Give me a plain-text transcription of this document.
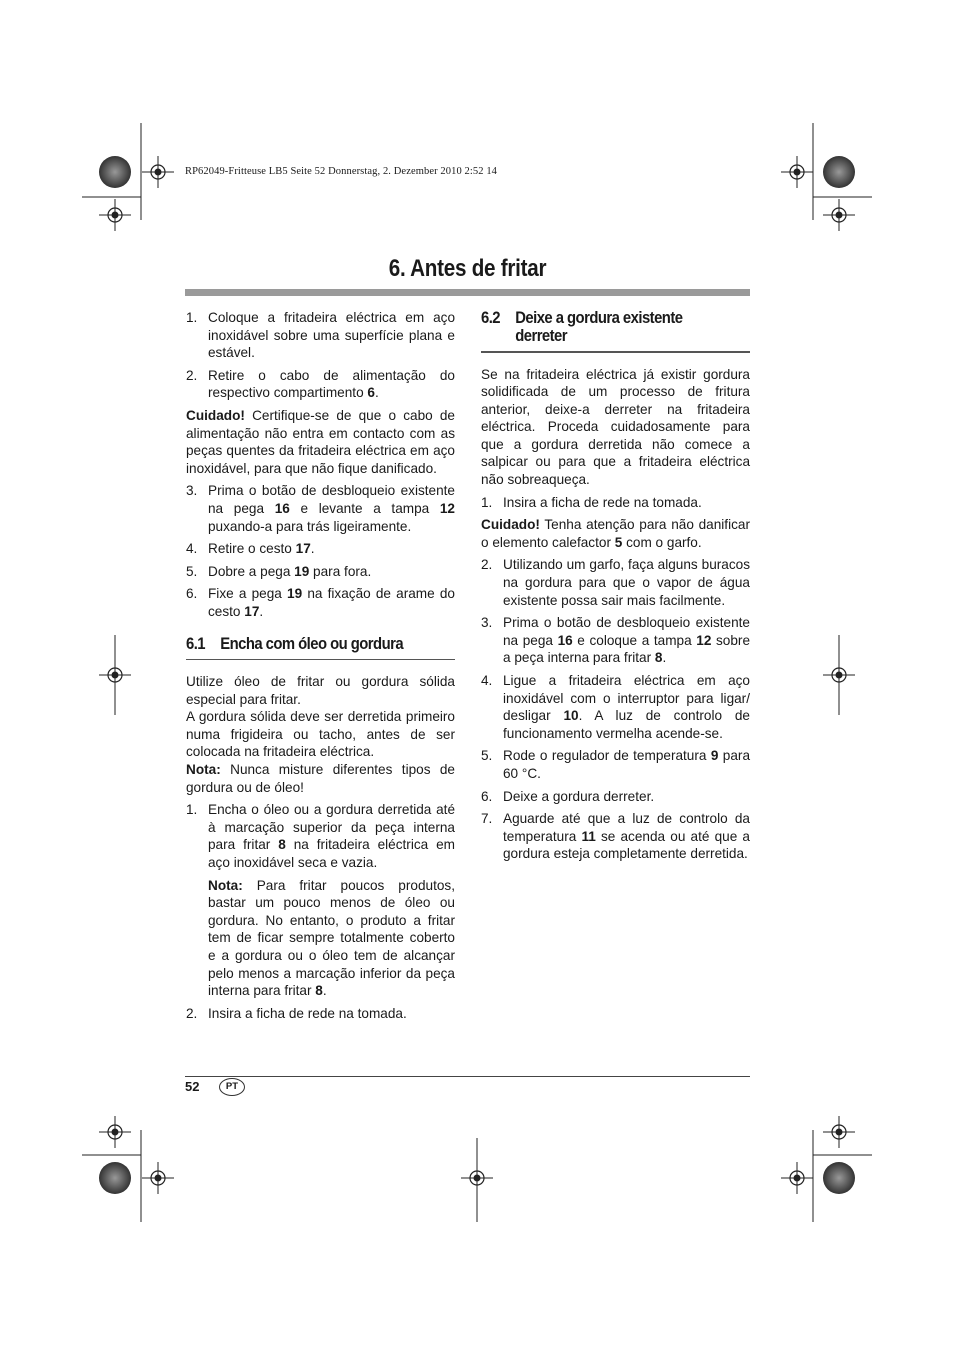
RP62049-Fritteuse LB5 Seite 52 Donnerstag, 2. Dezember 2010 2:52 14
6. Antes de fritar
1. Coloque a fritadeira eléctrica em aço inoxidável sobre uma superfície plana e estável.
2. Retire o cabo de alimentação do respectivo compartimento 6.

Cuidado! Certifique-se de que o cabo de alimentação não entra em contacto com as peças quentes da fritadeira eléctrica em aço inoxidável, para que não fique danificado.

3. Prima o botão de desbloqueio existente na pega 16 e levante a tampa 12 puxando-a para trás ligeiramente.
4. Retire o cesto 17.
5. Dobre a pega 19 para fora.
6. Fixe a pega 19 na fixação de arame do cesto 17.
6.1 Encha com óleo ou gordura

Utilize óleo de fritar ou gordura sólida especial para fritar.

A gordura sólida deve ser derretida primeiro numa frigideira ou tacho, antes de ser colocada na fritadeira eléctrica.

Nota: Nunca misture diferentes tipos de gordura ou de óleo!

1. Encha o óleo ou a gordura derretida até à marcação superior da peça interna para fritar 8 na fritadeira eléctrica em aço inoxidável seca e vazia.

Nota: Para fritar poucos produtos, bastar um pouco menos de óleo ou gordura. No entanto, o produto a fritar tem de ficar sempre totalmente coberto e a gordura ou o óleo tem de alcançar pelo menos a marcação inferior da peça interna para fritar 8.

2. Insira a ficha de rede na tomada.
6.2 Deixe a gordura existente
derreter

Se na fritadeira eléctrica já existir gordura solidificada de um processo de fritura anterior, deixe-a derreter na fritadeira eléctrica. Proceda cuidadosamente para que a gordura derretida não comece a salpicar ou para que a fritadeira eléctrica não sobreaqueça.

1. Insira a ficha de rede na tomada.

Cuidado! Tenha atenção para não danificar o elemento calefactor 5 com o garfo.

2. Utilizando um garfo, faça alguns buracos na gordura para que o vapor de água existente possa sair mais facilmente.
3. Prima o botão de desbloqueio existente na pega 16 e coloque a tampa 12 sobre a peça interna para fritar 8.
4. Ligue a fritadeira eléctrica em aço inoxidável com o interruptor para ligar/ desligar 10. A luz de controlo de funcionamento vermelha acende-se.
5. Rode o regulador de temperatura 9 para 60 °C.
6. Deixe a gordura derreter.
7. Aguarde até que a luz de controlo da temperatura 11 se acenda ou até que a gordura esteja completamente derretida.
52	PT
